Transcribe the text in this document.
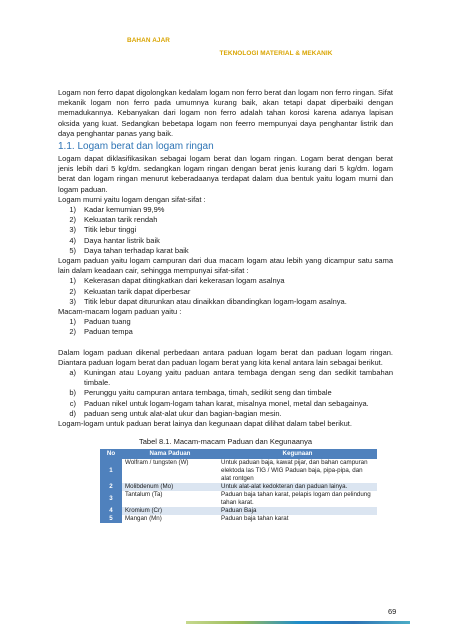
BAHAN AJAR
TEKNOLOGI MATERIAL & MEKANIK

Logam non ferro dapat digolongkan kedalam logam non ferro berat dan logam non ferro ringan. Sifat mekanik logam non ferro pada umumnya kurang baik, akan tetapi dapat diperbaiki dengan memadukannya. Kebanyakan dari logam non ferro adalah tahan korosi karena adanya lapisan oksida yang kuat. Sedangkan bebetapa logam non feerro mempunyai daya penghantar listrik dan daya penghantar panas yang baik.

1.1. Logam berat dan logam ringan

Logam dapat diklasifikasikan sebagai logam berat dan logam ringan. Logam berat dengan berat jenis lebih dari 5 kg/dm. sedangkan logam ringan dengan berat jenis kurang dari 5 kg/dm. logam berat dan logam ringan menurut keberadaanya terdapat dalam dua bentuk yaitu logam murni dan logam paduan.

Logam murni yaitu logam dengan sifat-sifat :

1)	Kadar kemurnian 99,9%
2)	Kekuatan tarik rendah
3)	Titik lebur tinggi
4)	Daya hantar listrik baik
5)	Daya tahan terhadap karat baik

Logam paduan yaitu logam campuran dari dua macam logam atau lebih yang dicampur satu sama lain dalam keadaan cair, sehingga mempunyai sifat-sifat :

1)	Kekerasan dapat ditingkatkan dari kekerasan logam asalnya
2)	Kekuatan tarik dapat diperbesar
3)	Titik lebur dapat diturunkan atau dinaikkan dibandingkan logam-logam asalnya.

Macam-macam logam paduan yaitu :

1)	Paduan tuang
2)	Paduan tempa

Dalam logam paduan dikenal perbedaan antara paduan logam berat dan paduan logam ringan. Diantara paduan logam berat dan paduan logam berat yang kita kenal antara lain sebagai berikut.

a)	Kuningan atau Loyang yaitu paduan antara tembaga dengan seng dan sedikit tambahan timbale.
b)	Perunggu yaitu campuran antara tembaga, timah, sedikit seng dan timbale
c)	Paduan nikel untuk logam-logam tahan karat, misalnya monel, metal dan sebagainya.
d)	paduan seng untuk alat-alat ukur dan bagian-bagian mesin.

Logam-logam untuk paduan berat lainya dan kegunaan dapat dilihat dalam tabel berikut.

Tabel 8.1. Macam-macam Paduan dan Kegunaanya
No	Nama Paduan	Kegunaan
1	Wolfram / tungsten (W)	Untuk paduan baja, kawat pijar, dan bahan campuran elektoda las TIG / WIG Paduan baja, pipa-pipa, dan alat rontgen
2	Molibdenum (Mo)	Untuk alat-alat kedokteran dan paduan lainya.
3	Tantalum (Ta)	Paduan baja tahan karat, pelapis logam dan pelindung tahan karat.
4	Kromium (Cr)	Paduan Baja
5	Mangan (Mn)	Paduan baja tahan karat
69
